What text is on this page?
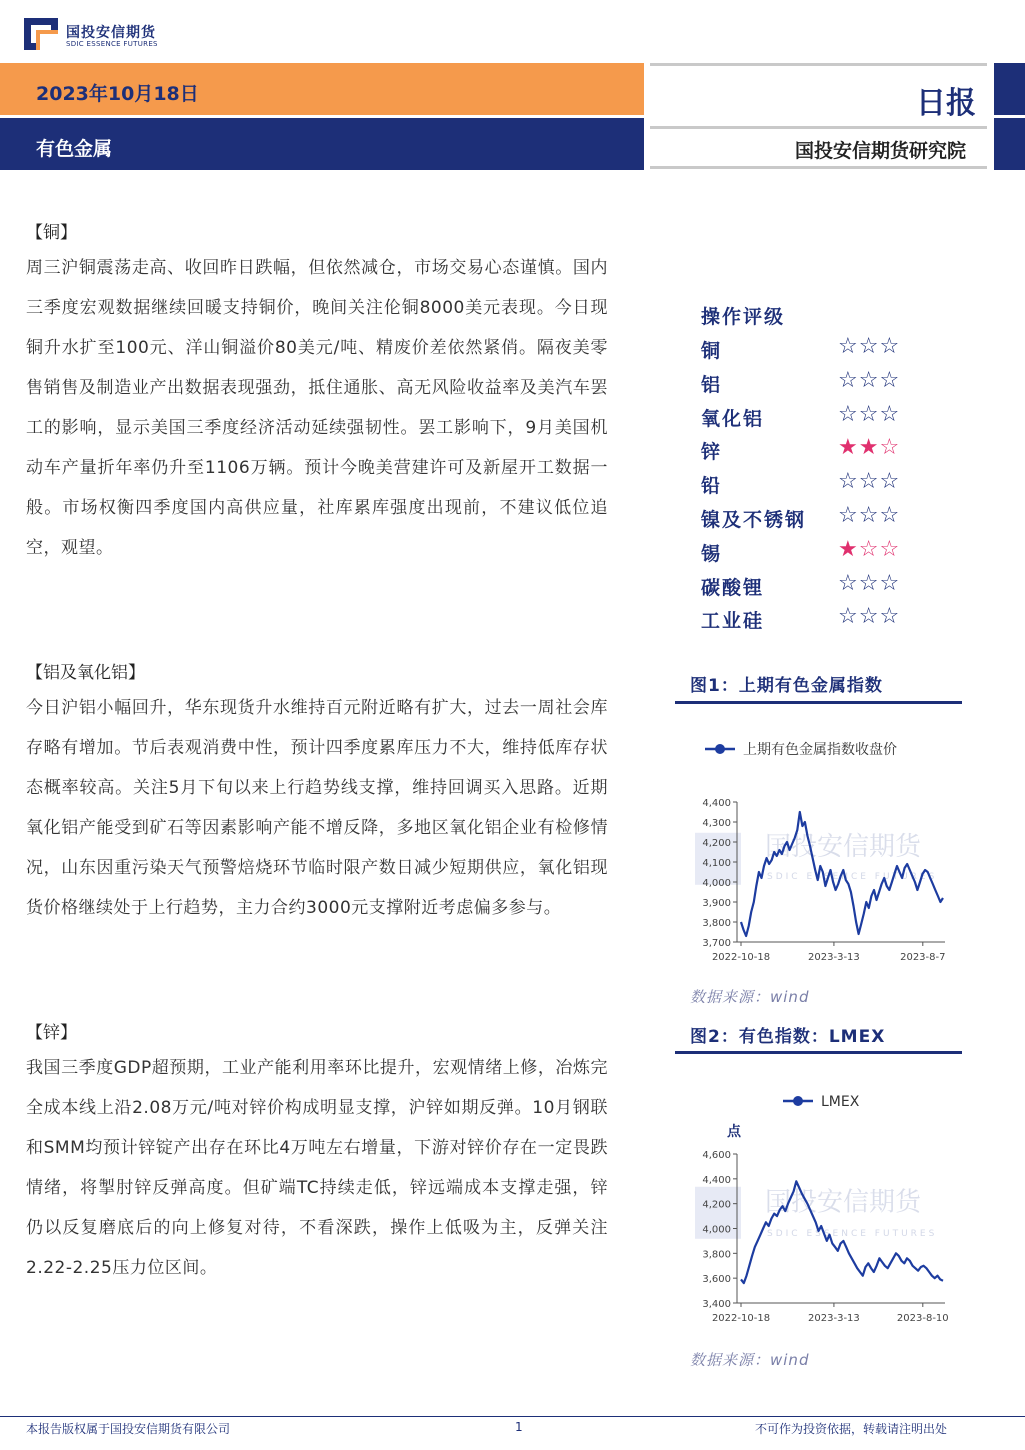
国投安信期货
SDIC ESSENCE FUTURES
2023年10月18日
有色金属
日报
国投安信期货研究院
【铜】
周三沪铜震荡走高、收回昨日跌幅，但依然减仓，市场交易心态谨慎。国内三季度宏观数据继续回暖支持铜价，晚间关注伦铜8000美元表现。今日现铜升水扩至100元、洋山铜溢价80美元/吨、精废价差依然紧俏。隔夜美零售销售及制造业产出数据表现强劲，抵住通胀、高无风险收益率及美汽车罢工的影响，显示美国三季度经济活动延续强韧性。罢工影响下，9月美国机动车产量折年率仍升至1106万辆。预计今晚美营建许可及新屋开工数据一般。市场权衡四季度国内高供应量，社库累库强度出现前，不建议低位追空，观望。
【铝及氧化铝】
今日沪铝小幅回升，华东现货升水维持百元附近略有扩大，过去一周社会库存略有增加。节后表观消费中性，预计四季度累库压力不大，维持低库存状态概率较高。关注5月下旬以来上行趋势线支撑，维持回调买入思路。近期氧化铝产能受到矿石等因素影响产能不增反降，多地区氧化铝企业有检修情况，山东因重污染天气预警焙烧环节临时限产数日减少短期供应，氧化铝现货价格继续处于上行趋势，主力合约3000元支撑附近考虑偏多参与。
【锌】
我国三季度GDP超预期，工业产能利用率环比提升，宏观情绪上修，冶炼完全成本线上沿2.08万元/吨对锌价构成明显支撑，沪锌如期反弹。10月钢联和SMM均预计锌锭产出存在环比4万吨左右增量，下游对锌价存在一定畏跌情绪，将掣肘锌反弹高度。但矿端TC持续走低，锌远端成本支撑走强，锌仍以反复磨底后的向上修复对待，不看深跌，操作上低吸为主，反弹关注2.22-2.25压力位区间。
操作评级
铜	☆☆☆
铝	☆☆☆
氧化铝	☆☆☆
锌	★★☆
铅	☆☆☆
镍及不锈钢 ☆☆☆
锡	★☆☆
碳酸锂	☆☆☆
工业硅	☆☆☆
图1：上期有色金属指数
国投安信期货
SDIC ESSENCE FUTURES
上期有色金属指数收盘价
3,700
3,800
3,900
4,000
4,100
4,200
4,300
4,400
2022-10-18	2023-3-13	2023-8-7
数据来源：wind
图2：有色指数：LMEX
国投安信期货
SDIC ESSENCE FUTURES
LMEX
点
3,400
3,600
3,800
4,000
4,200
4,400
4,600
2022-10-18	2023-3-13	2023-8-10
数据来源：wind
本报告版权属于国投安信期货有限公司	1	不可作为投资依据，转载请注明出处
